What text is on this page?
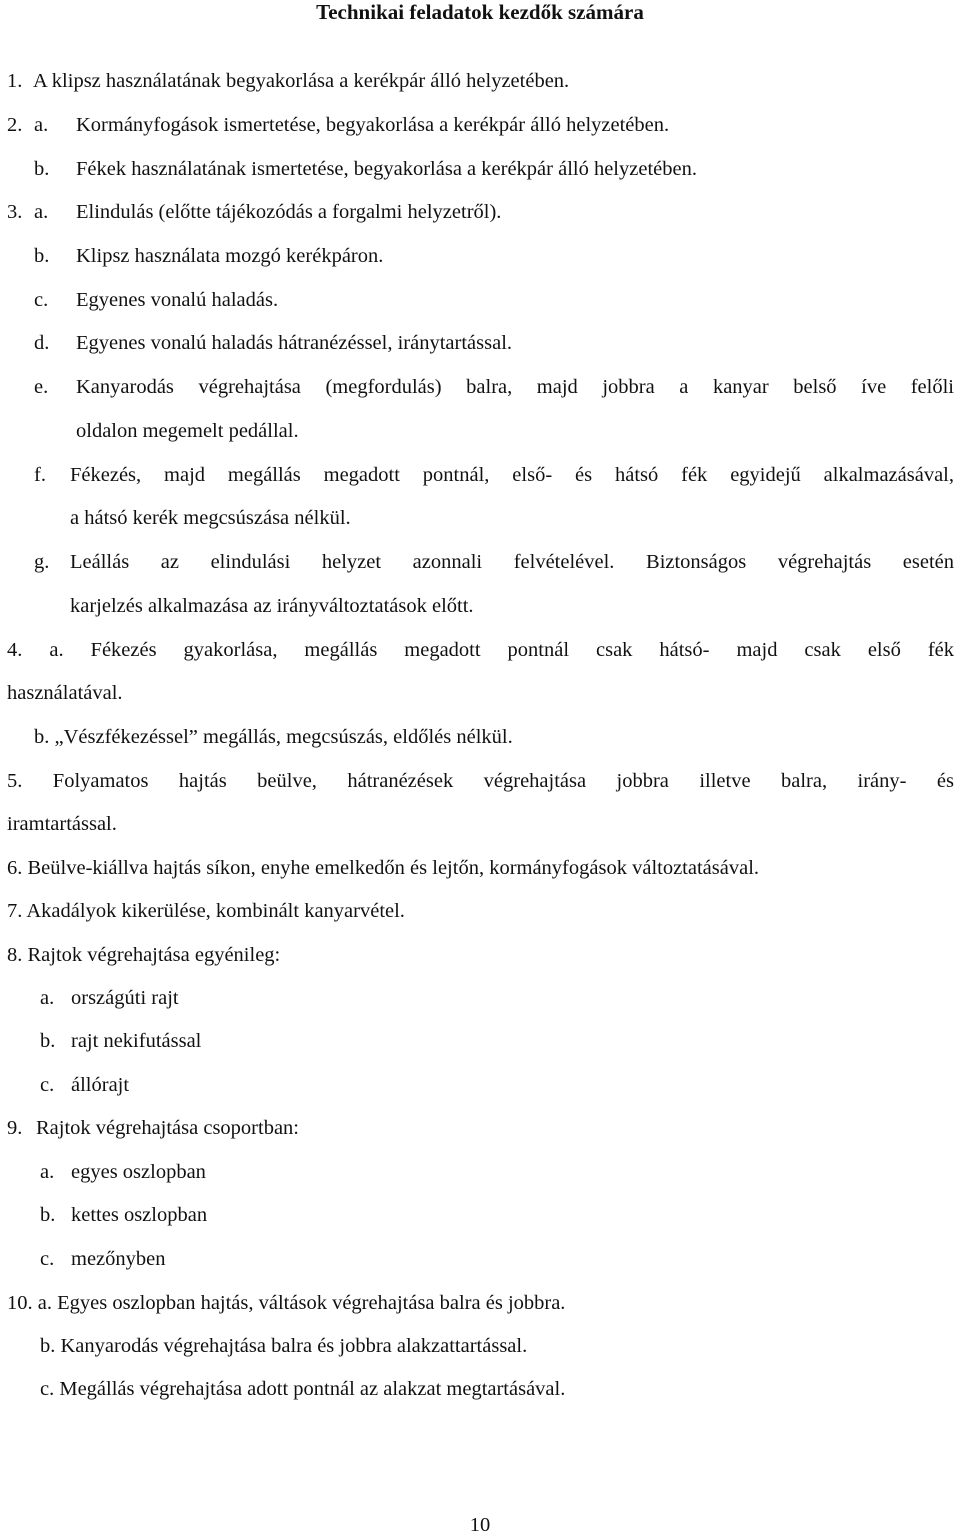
Technikai feladatok kezdők számára
1. A klipsz használatának begyakorlása a kerékpár álló helyzetében.
2. a. Kormányfogások ismertetése, begyakorlása a kerékpár álló helyzetében.
b. Fékek használatának ismertetése, begyakorlása a kerékpár álló helyzetében.
3. a. Elindulás (előtte tájékozódás a forgalmi helyzetről).
b. Klipsz használata mozgó kerékpáron.
c. Egyenes vonalú haladás.
d. Egyenes vonalú haladás hátranézéssel, iránytartással.
e. Kanyarodás végrehajtása (megfordulás) balra, majd jobbra a kanyar belső íve felőli
oldalon megemelt pedállal.
f. Fékezés, majd megállás megadott pontnál, első- és hátsó fék egyidejű alkalmazásával,
a hátsó kerék megcsúszása nélkül.
g. Leállás az elindulási helyzet azonnali felvételével. Biztonságos végrehajtás esetén
karjelzés alkalmazása az irányváltoztatások előtt.
4. a. Fékezés gyakorlása, megállás megadott pontnál csak hátsó- majd csak első fék
használatával.
b. „Vészfékezéssel” megállás, megcsúszás, eldőlés nélkül.
5. Folyamatos hajtás beülve, hátranézések végrehajtása jobbra illetve balra, irány- és
iramtartással.
6. Beülve-kiállva hajtás síkon, enyhe emelkedőn és lejtőn, kormányfogások változtatásával.
7. Akadályok kikerülése, kombinált kanyarvétel.
8. Rajtok végrehajtása egyénileg:
a. országúti rajt
b. rajt nekifutással
c. állórajt
9. Rajtok végrehajtása csoportban:
a. egyes oszlopban
b. kettes oszlopban
c. mezőnyben
10. a. Egyes oszlopban hajtás, váltások végrehajtása balra és jobbra.
b. Kanyarodás végrehajtása balra és jobbra alakzattartással.
c. Megállás végrehajtása adott pontnál az alakzat megtartásával.
10
